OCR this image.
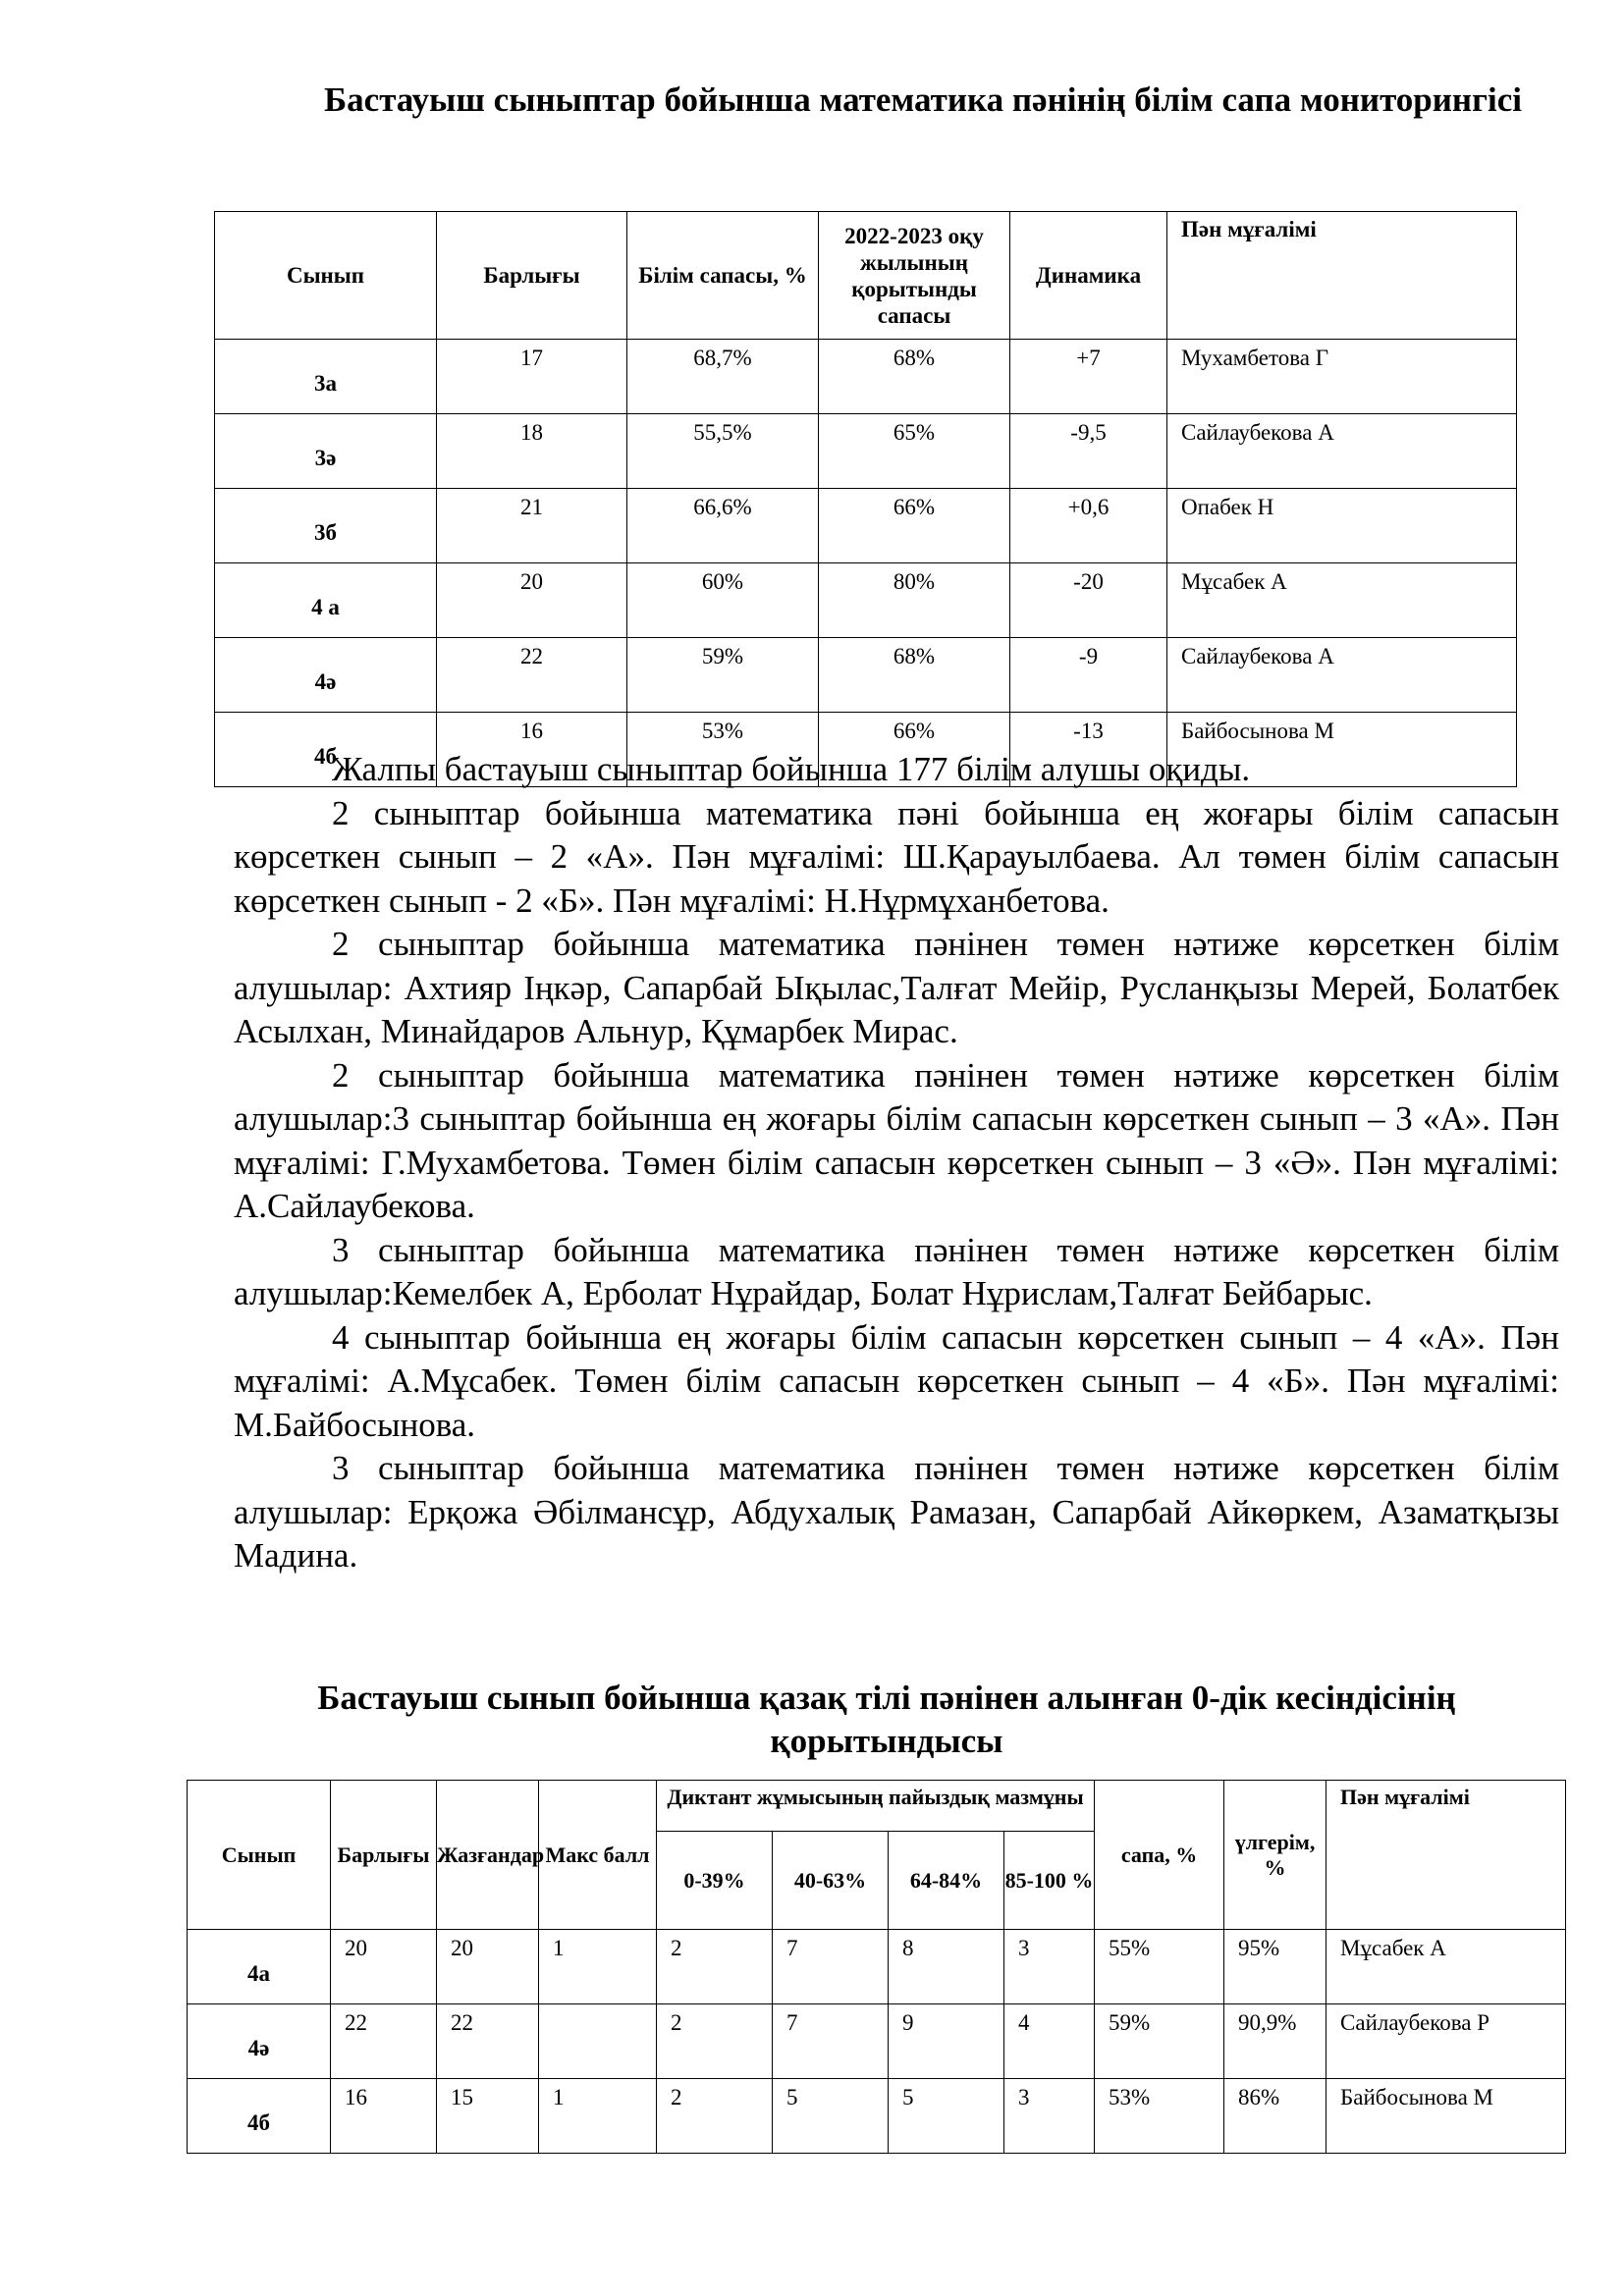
Бастауыш сыныптар бойынша математика пәнінің білім сапа мониторингісі
Сынып	Барлығы	Білім сапасы, %	2022-2023 оқу жылының қорытынды сапасы	Динамика	Пән мұғалімі
3а	17	68,7%	68%	+7	Мухамбетова Г
3ә	18	55,5%	65%	-9,5	Сайлаубекова А
3б	21	66,6%	66%	+0,6	Опабек Н
4 а	20	60%	80%	-20	Мұсабек А
4ә	22	59%	68%	-9	Сайлаубекова А
4б	16	53%	66%	-13	Байбосынова М

Жалпы бастауыш сыныптар бойынша 177 білім алушы оқиды.

2 сыныптар бойынша математика пәні бойынша ең жоғары білім сапасын көрсеткен сынып – 2 «А». Пән мұғалімі: Ш.Қарауылбаева. Ал төмен білім сапасын көрсеткен сынып - 2 «Б». Пән мұғалімі: Н.Нұрмұханбетова.

2 сыныптар бойынша математика пәнінен төмен нәтиже көрсеткен білім алушылар: Ахтияр Іңкәр, Сапарбай Ықылас,Талғат Мейір, Русланқызы Мерей, Болатбек Асылхан, Минайдаров Альнур, Құмарбек Мирас.

2 сыныптар бойынша математика пәнінен төмен нәтиже көрсеткен білім алушылар:3 сыныптар бойынша ең жоғары білім сапасын көрсеткен сынып – 3 «А». Пән мұғалімі: Г.Мухамбетова. Төмен білім сапасын көрсеткен сынып – 3 «Ә». Пән мұғалімі: А.Сайлаубекова.

3 сыныптар бойынша математика пәнінен төмен нәтиже көрсеткен білім алушылар:Кемелбек А, Ерболат Нұрайдар, Болат Нұрислам,Талғат Бейбарыс.

4 сыныптар бойынша ең жоғары білім сапасын көрсеткен сынып – 4 «А». Пән мұғалімі: А.Мұсабек. Төмен білім сапасын көрсеткен сынып – 4 «Б». Пән мұғалімі: М.Байбосынова.

3 сыныптар бойынша математика пәнінен төмен нәтиже көрсеткен білім алушылар: Ерқожа Әбілмансұр, Абдухалық Рамазан, Сапарбай Айкөркем, Азаматқызы Мадина.

Бастауыш сынып бойынша қазақ тілі пәнінен алынған 0-дік кесіндісінің қорытындысы
Сынып	Барлығы	Жазғандар	Макс балл	Диктант жұмысының пайыздық мазмұны				сапа, %	үлгерім, %	Пән мұғалімі
				0-39%	40-63%	64-84%	85-100 %			
4а	20	20	1	2	7	8	3	55%	95%	Мұсабек А
4ә	22	22		2	7	9	4	59%	90,9%	Сайлаубекова Р
4б	16	15	1	2	5	5	3	53%	86%	Байбосынова М
